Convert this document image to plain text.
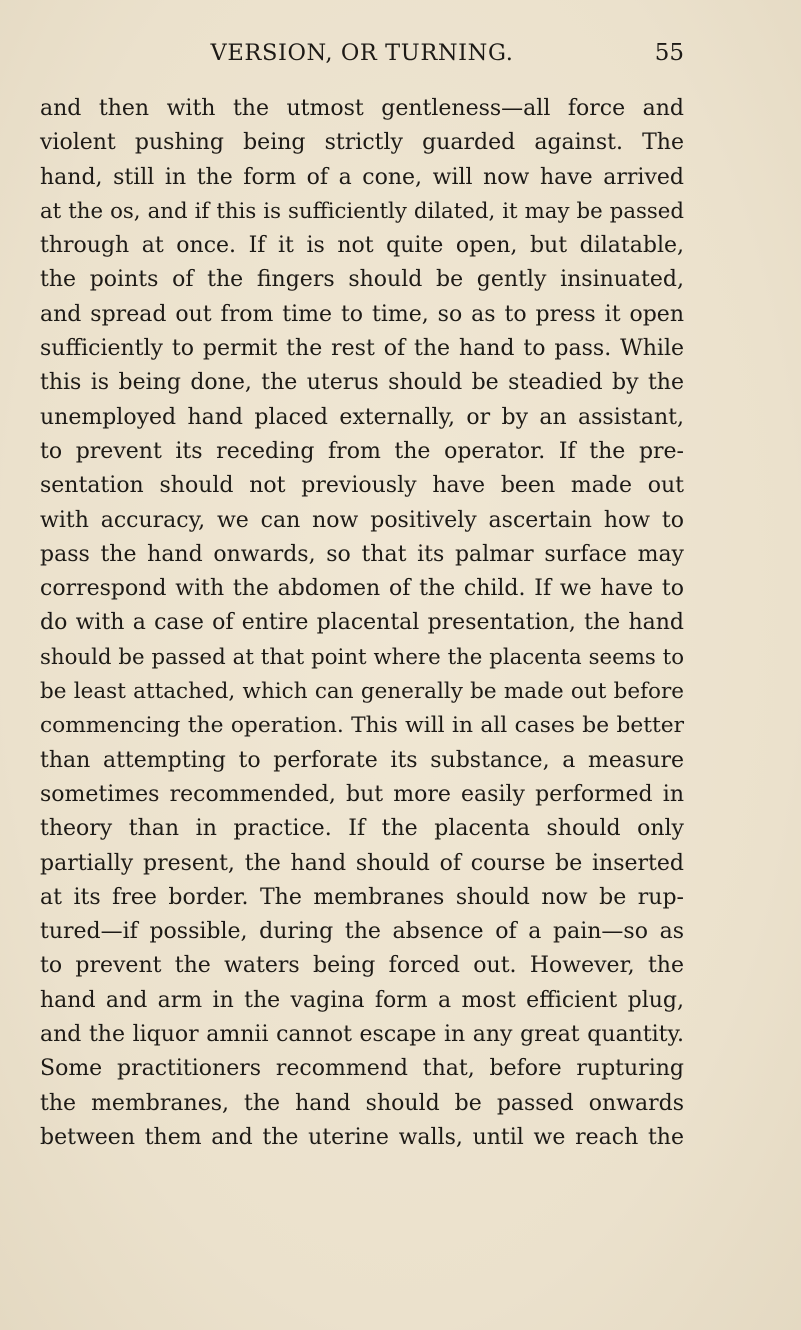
VERSION, OR TURNING.	55
and then with the utmost gentleness—all force and
violent pushing being strictly guarded against. The
hand, still in the form of a cone, will now have arrived
at the os, and if this is sufficiently dilated, it may be passed
through at once. If it is not quite open, but dilatable,
the points of the fingers should be gently insinuated,
and spread out from time to time, so as to press it open
sufficiently to permit the rest of the hand to pass. While
this is being done, the uterus should be steadied by the
unemployed hand placed externally, or by an assistant,
to prevent its receding from the operator. If the pre-
sentation should not previously have been made out
with accuracy, we can now positively ascertain how to
pass the hand onwards, so that its palmar surface may
correspond with the abdomen of the child. If we have to
do with a case of entire placental presentation, the hand
should be passed at that point where the placenta seems to
be least attached, which can generally be made out before
commencing the operation. This will in all cases be better
than attempting to perforate its substance, a measure
sometimes recommended, but more easily performed in
theory than in practice. If the placenta should only
partially present, the hand should of course be inserted
at its free border. The membranes should now be rup-
tured—if possible, during the absence of a pain—so as
to prevent the waters being forced out. However, the
hand and arm in the vagina form a most efficient plug,
and the liquor amnii cannot escape in any great quantity.
Some practitioners recommend that, before rupturing
the membranes, the hand should be passed onwards
between them and the uterine walls, until we reach the
